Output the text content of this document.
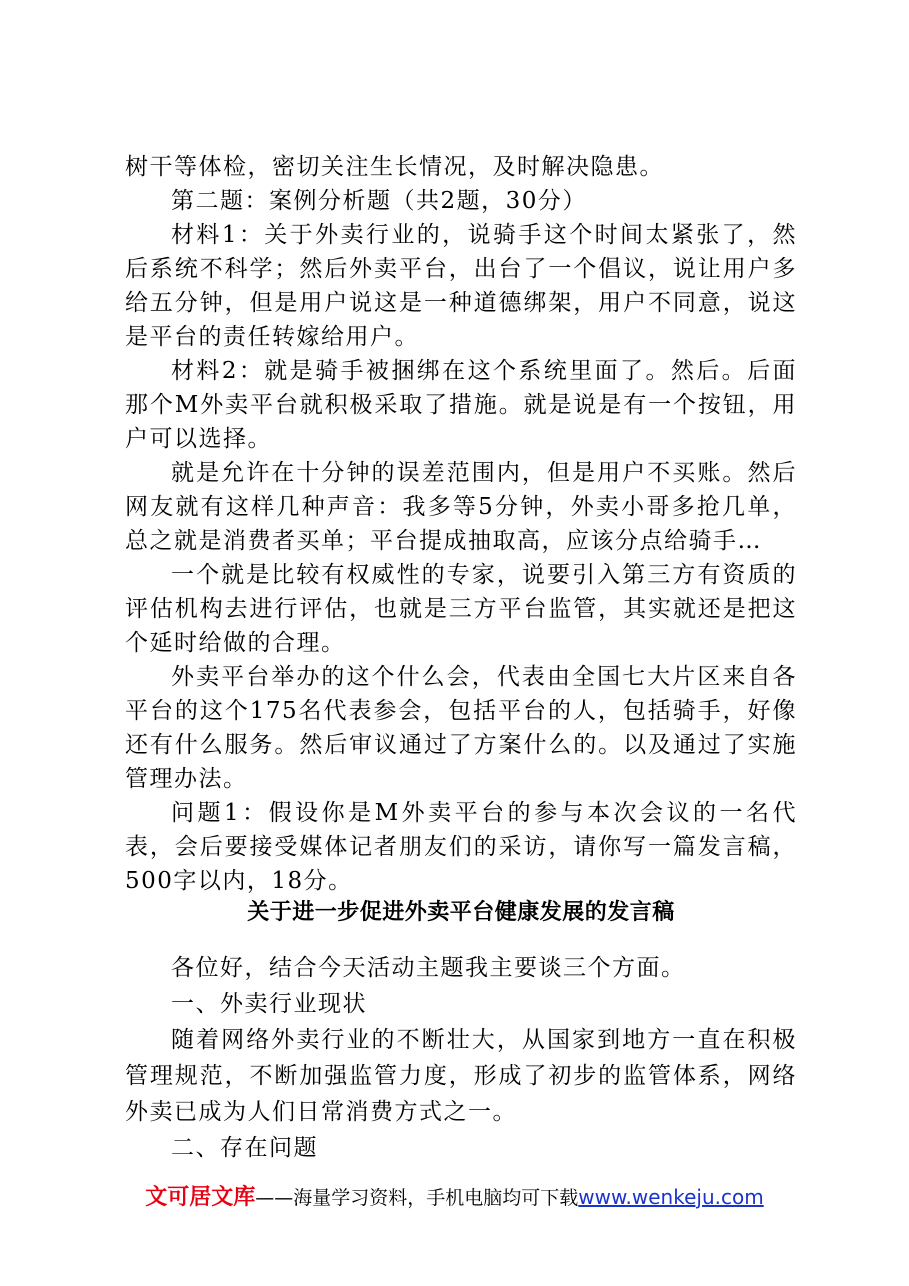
树干等体检，密切关注生长情况，及时解决隐患。

第二题：案例分析题（共2题，30分）

材料1：关于外卖行业的，说骑手这个时间太紧张了，然后系统不科学；然后外卖平台，出台了一个倡议，说让用户多给五分钟，但是用户说这是一种道德绑架，用户不同意，说这是平台的责任转嫁给用户。

材料2：就是骑手被捆绑在这个系统里面了。然后。后面那个M外卖平台就积极采取了措施。就是说是有一个按钮，用户可以选择。

就是允许在十分钟的误差范围内，但是用户不买账。然后网友就有这样几种声音：我多等5分钟，外卖小哥多抢几单，总之就是消费者买单；平台提成抽取高，应该分点给骑手…

一个就是比较有权威性的专家，说要引入第三方有资质的评估机构去进行评估，也就是三方平台监管，其实就还是把这个延时给做的合理。

外卖平台举办的这个什么会，代表由全国七大片区来自各平台的这个175名代表参会，包括平台的人，包括骑手，好像还有什么服务。然后审议通过了方案什么的。以及通过了实施管理办法。

问题1：假设你是M外卖平台的参与本次会议的一名代表，会后要接受媒体记者朋友们的采访，请你写一篇发言稿，500字以内，18分。

关于进一步促进外卖平台健康发展的发言稿

各位好，结合今天活动主题我主要谈三个方面。

一、外卖行业现状

随着网络外卖行业的不断壮大，从国家到地方一直在积极管理规范，不断加强监管力度，形成了初步的监管体系，网络外卖已成为人们日常消费方式之一。

二、存在问题

文可居文库——海量学习资料，手机电脑均可下载www.wenkeju.com
